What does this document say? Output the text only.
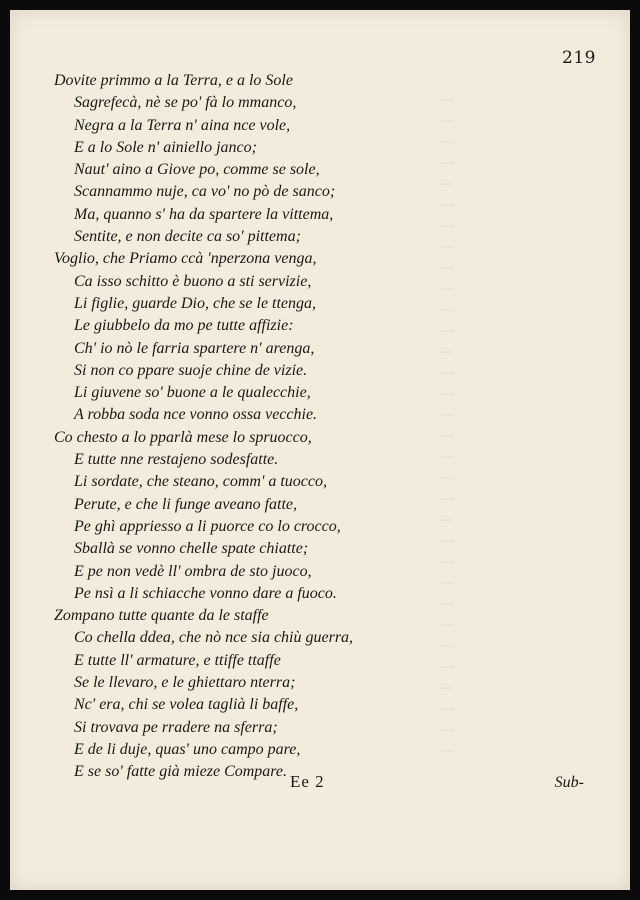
—
—
—
—
—
—
—
—
—
—
—
—
—
—
—
—
—
—
—
—
—
—
—
—
—
—
—
—
—
—
—
—
219
Dovite primmo a la Terra, e a lo Sole
Sagrefecà, nè se po' fà lo mmanco,
Negra a la Terra n' aina nce vole,
E a lo Sole n' ainiello janco;
Naut' aino a Giove po, comme se sole,
Scannammo nuje, ca vo' no pò de sanco;
Ma, quanno s' ha da spartere la vittema,
Sentite, e non decite ca so' pittema;
Voglio, che Priamo ccà 'nperzona venga,
Ca isso schitto è buono a sti servizie,
Li figlie, guarde Dio, che se le ttenga,
Le giubbelo da mo pe tutte affizie:
Ch' io nò le farria spartere n' arenga,
Si non co ppare suoje chine de vizie.
Li giuvene so' buone a le qualecchie,
A robba soda nce vonno ossa vecchie.
Co chesto a lo pparlà mese lo spruocco,
E tutte nne restajeno sodesfatte.
Li sordate, che steano, comm' a tuocco,
Perute, e che li funge aveano fatte,
Pe ghì appriesso a li puorce co lo crocco,
Sballà se vonno chelle spate chiatte;
E pe non vedè ll' ombra de sto juoco,
Pe nsì a li schiacche vonno dare a fuoco.
Zompano tutte quante da le staffe
Co chella ddea, che nò nce sia chiù guerra,
E tutte ll' armature, e ttiffe ttaffe
Se le llevaro, e le ghiettaro nterra;
Nc' era, chi se volea taglià li baffe,
Si trovava pe rradere na sferra;
E de li duje, quas' uno campo pare,
E se so' fatte già mieze Compare.
Ee 2	Sub-
